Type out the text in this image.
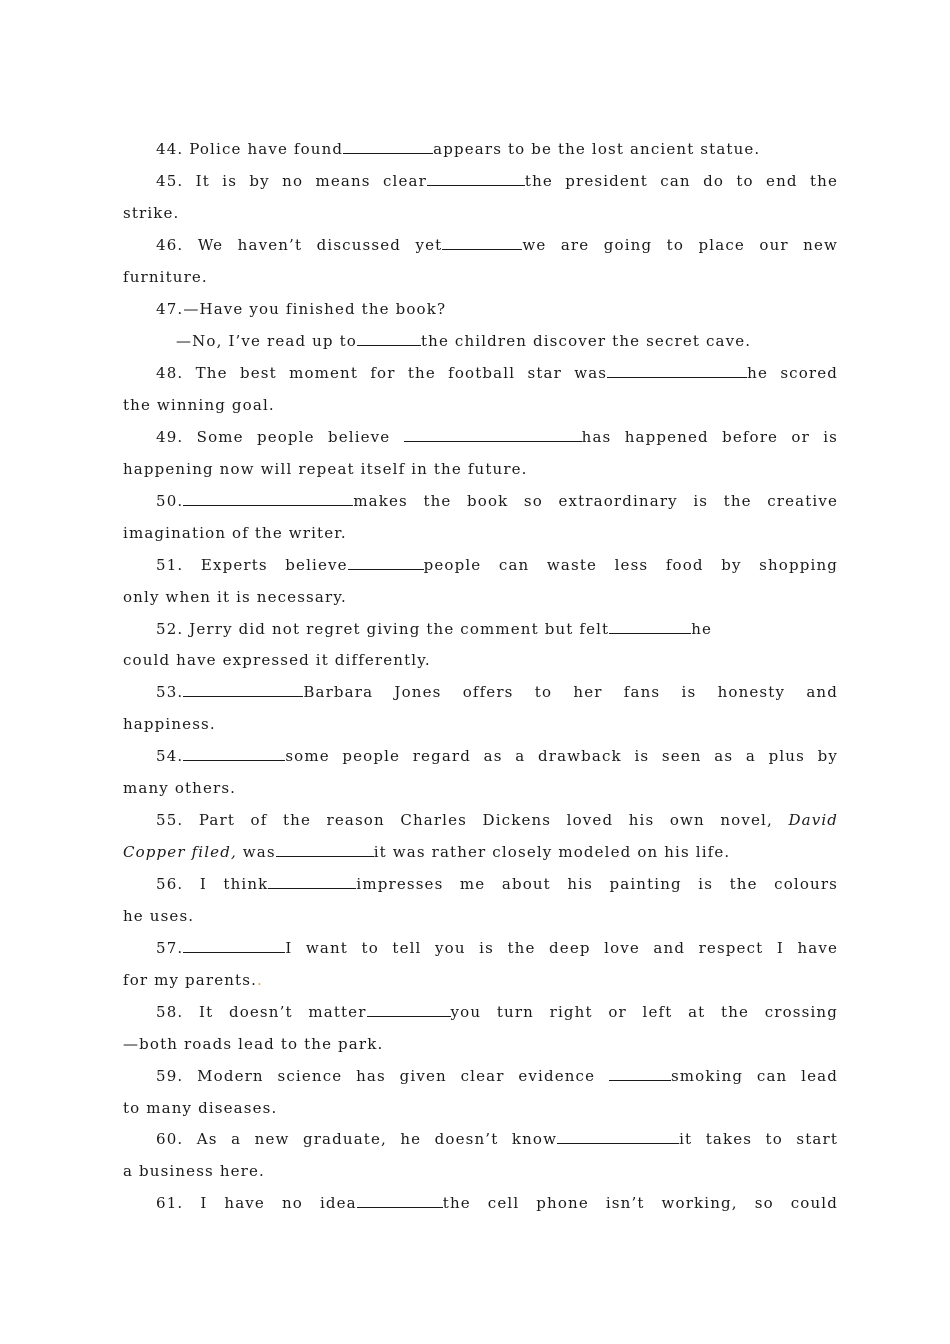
44. Police have found	appears to be the lost ancient statue.
45. It is by no means clear	the president can do to end the
strike.
46. We haven’t discussed yet	we are going to place our new
furniture.
47.—Have you finished the book?
—No, I’ve read up to	the children discover the secret cave.
48. The best moment for the football star was	he scored
the winning goal.
49. Some people believe	has happened before or is
happening now will repeat itself in the future.
50.	makes the book so extraordinary is the creative
imagination of the writer.
51. Experts believe	people can waste less food by shopping
only when it is necessary.
52. Jerry did not regret giving the comment but felt	he
could have expressed it differently.
53.	Barbara Jones offers to her fans is honesty and
happiness.
54.	some people regard as a drawback is seen as a plus by
many others.
55. Part of the reason Charles Dickens loved his own novel, David
Copper filed, was	it was rather closely modeled on his life.
56. I think	impresses me about his painting is the colours
he uses.
57.	I want to tell you is the deep love and respect I have
for my parents..
58. It doesn’t matter	you turn right or left at the crossing
—both roads lead to the park.
59. Modern science has given clear evidence	smoking can lead
to many diseases.
60. As a new graduate, he doesn’t know	it takes to start
a business here.
61. I have no idea	the cell phone isn’t working, so could
